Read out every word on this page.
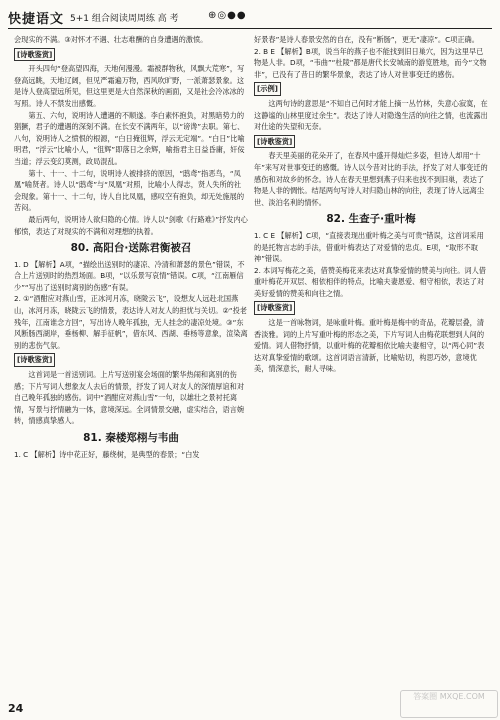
快捷语文 5+1 组合阅读周周练 高 考	⊕◎●●

会现实的不满。③对怀才不遇、壮志难酬的自身遭遇的激愤。

[诗歌鉴赏]

开头四句“登高望四海，天地何漫漫。霜被群物秋，风飘大荒寒”，写登高远眺，天地辽阔，但见严霜遍万物，西风吹旷野，一派萧瑟景象。这是诗人登高望远所见，但这里更是大自然深秋的画面，又是社会冷冰冰的写照。诗人不禁发出感慨。

第五、六句，说明诗人遭遇的不顺遂。李白素怀抱负，对黑暗势力的猖獗，君子的遭遇的深刻不满。在长安不满两年，以“谤谗”去职。第七、八句，说明诗人之愤恨的根源，“白日掩徂辉，浮云无定端”。“白日”比喻明君，“浮云”比喻小人，“徂辉”即落日之余辉，喻指君主日益昏庸，奸佞当道；浮云变幻莫测，政局混乱。

第十、十一、十二句，说明诗人被排挤的原因，“鸱鸢”指恶鸟，“凤凰”喻贤者。诗人以“鸱鸢”与“凤凰”对照，比喻小人得志，贤人失所的社会现象。第十一、十二句，诗人自比凤凰，感叹空有抱负，却无处施展的苦闷。

最后两句，说明诗人欲归隐的心情。诗人以“剑歌《行路难》”抒发内心郁愤，表达了对现实的不满和对理想的执着。

80. 高阳台·送陈君衡被召

1. D 【解析】A项，“描绘出送别时的凄凉、冷清和萧瑟的景色”错误，不合上片送别时的热烈场面。B项，“以乐景写哀情”错误。C项，“江南雁信少”“写出了送别时离别的伤感”有误。

2. ①“酒酣应对燕山雪，正冰河月冻，晓陇云飞”，设想友人远赴北国燕山，冰河月冻，晓陇云飞的情景，表达诗人对友人的担忧与关切。②“投老残年，江南谁念方回”，写出诗人晚年孤独，无人挂念的凄凉处境。③“东风断肠西湖岸，垂杨柳、解手征帆”，借东风、西湖、垂杨等意象，渲染离别的悲伤气氛。

[诗歌鉴赏]

这首词是一首送别词。上片写送别宴会场面的繁华热闹和离别的伤感；下片写词人想象友人去后的情景，抒发了词人对友人的深情厚谊和对自己晚年孤独的感伤。词中“酒酣应对燕山雪”一句，以雄壮之景衬托离情，写景与抒情融为一体，意境深远。全词情景交融，虚实结合，语言婉转，情感真挚感人。

81. 秦楼郑栩与韦曲

1. C 【解析】诗中花正好，藤绕树，是典型的春景；“白发

好景春”是诗人春景安然的自在，没有“断肠”，更无“凄凉”。C项正确。

2. B E 【解析】B项，说当年的燕子也不能找到旧日巢穴，因为这里早已物是人非。D项，“韦曲”“杜陵”都是唐代长安城南的游览胜地，而今“文物非”，已没有了昔日的繁华景象，表达了诗人对世事变迁的感伤。

[示例]

这两句诗的意思是“不知自己何时才能上摘一丛竹林，失意心寂寞，在这静谧的山林里度过余生”。表达了诗人对隐逸生活的向往之情，也流露出对仕途的失望和无奈。

[诗歌鉴赏]

春天里美丽的花朵开了，在春风中盛开得灿烂多姿，但诗人却用“十年”来写对世事变迁的感慨。诗人以今昔对比的手法，抒发了对人事变迁的感伤和对故乡的怀念。诗人在春天里想到燕子归来也找不到旧巢，表达了物是人非的惆怅。结尾两句写诗人对归隐山林的向往，表现了诗人远离尘世、淡泊名利的情怀。

82. 生查子·重叶梅

1. C E 【解析】C项，“直接表现出重叶梅之美与可贵”错误，这首词采用的是托物言志的手法，借重叶梅表达了对爱情的忠贞。E项，“取形不取神”错误。

2. 本词写梅花之美，借赞美梅花来表达对真挚爱情的赞美与向往。词人借重叶梅花开双层、相依相伴的特点，比喻夫妻恩爱、相守相依，表达了对美好爱情的赞美和向往之情。

[诗歌鉴赏]

这是一首咏物词，是咏重叶梅。重叶梅是梅中的奇品，花瓣层叠，清香淡雅。词的上片写重叶梅的形态之美，下片写词人由梅花联想到人间的爱情。词人借物抒情，以重叶梅的花瓣相依比喻夫妻相守，以“两心同”表达对真挚爱情的歌颂。这首词语言清新，比喻贴切，构思巧妙，意境优美，情深意长，耐人寻味。

24
答案圈 MXQE.COM
